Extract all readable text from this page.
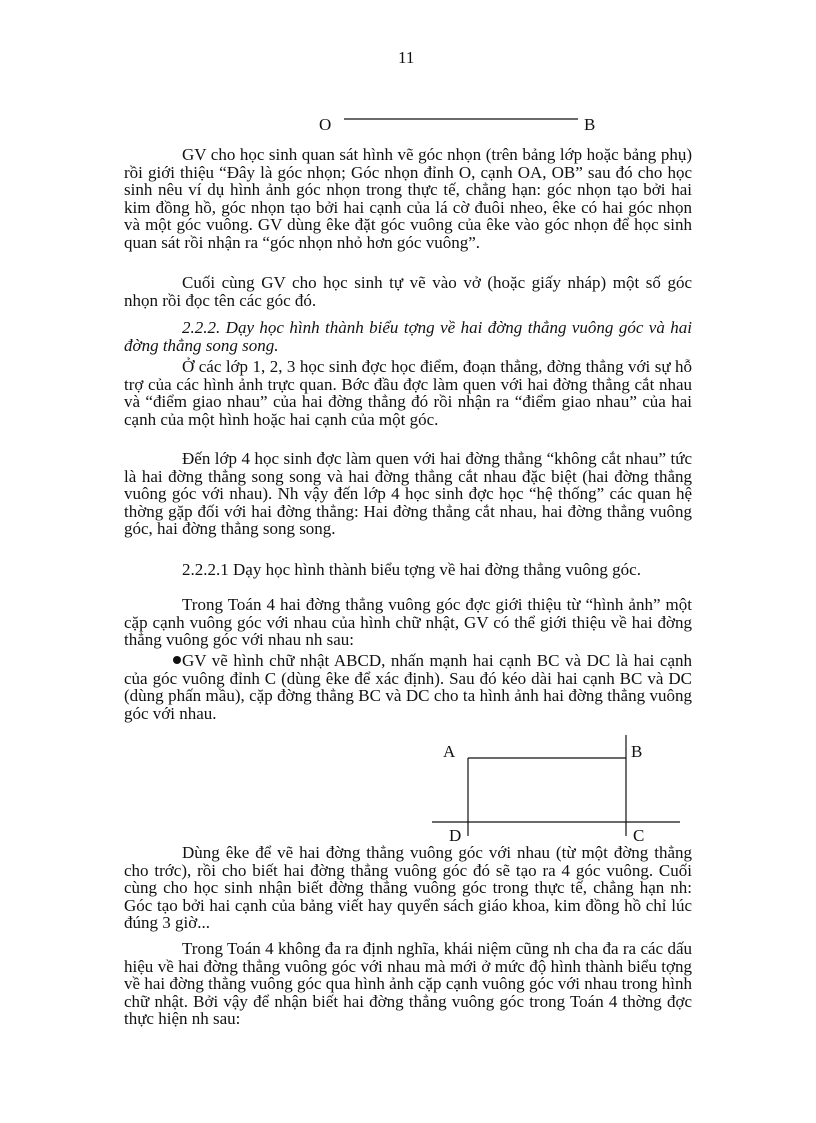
11
O	B

GV cho học sinh quan sát hình vẽ góc nhọn (trên bảng lớp hoặc bảng phụ) rồi giới thiệu “Đây là góc nhọn; Góc nhọn đỉnh O, cạnh OA, OB” sau đó cho học sinh nêu ví dụ hình ảnh góc nhọn trong thực tế, chẳng hạn: góc nhọn tạo bởi hai kim đồng hồ, góc nhọn tạo bởi hai cạnh của lá cờ đuôi nheo, êke có hai góc nhọn và một góc vuông. GV dùng êke đặt góc vuông của êke vào góc nhọn để học sinh quan sát rồi nhận ra “góc nhọn nhỏ hơn góc vuông”.

Cuối cùng GV cho học sinh tự vẽ vào vở (hoặc giấy nháp) một số góc nhọn rồi đọc tên các góc đó.

2.2.2. Dạy học hình thành biểu tợng về hai đờng thẳng vuông góc và hai đờng thẳng song song.

Ở các lớp 1, 2, 3 học sinh đợc học điểm, đoạn thẳng, đờng thẳng với sự hỗ trợ của các hình ảnh trực quan. Bớc đầu đợc làm quen với hai đờng thẳng cắt nhau và “điểm giao nhau” của hai đờng thẳng đó rồi nhận ra “điểm giao nhau” của hai cạnh của một hình hoặc hai cạnh của một góc.

Đến lớp 4 học sinh đợc làm quen với hai đờng thẳng “không cắt nhau” tức là hai đờng thẳng song song và hai đờng thẳng cắt nhau đặc biệt (hai đờng thẳng vuông góc với nhau). Nh vậy đến lớp 4 học sinh đợc học “hệ thống” các quan hệ thờng gặp đối với hai đờng thẳng: Hai đờng thẳng cắt nhau, hai đờng thẳng vuông góc, hai đờng thẳng song song.

2.2.2.1 Dạy học hình thành biểu tợng về hai đờng thẳng vuông góc.

Trong Toán 4 hai đờng thẳng vuông góc đợc giới thiệu từ “hình ảnh” một cặp cạnh vuông góc với nhau của hình chữ nhật, GV có thể giới thiệu về hai đờng thẳng vuông góc với nhau nh sau:

GV vẽ hình chữ nhật ABCD, nhấn mạnh hai cạnh BC và DC là hai cạnh của góc vuông đỉnh C (dùng êke để xác định). Sau đó kéo dài hai cạnh BC và DC (dùng phấn mầu), cặp đờng thẳng BC và DC cho ta hình ảnh hai đờng thẳng vuông góc với nhau.

A	B
D	C

Dùng êke để vẽ hai đờng thẳng vuông góc với nhau (từ một đờng thẳng cho trớc), rồi cho biết hai đờng thẳng vuông góc đó sẽ tạo ra 4 góc vuông. Cuối cùng cho học sinh nhận biết đờng thẳng vuông góc trong thực tế, chẳng hạn nh: Góc tạo bởi hai cạnh của bảng viết hay quyển sách giáo khoa, kim đồng hồ chỉ lúc đúng 3 giờ...

Trong Toán 4 không đa ra định nghĩa, khái niệm cũng nh cha đa ra các dấu hiệu về hai đờng thẳng vuông góc với nhau mà mới ở mức độ hình thành biểu tợng về hai đờng thẳng vuông góc qua hình ảnh cặp cạnh vuông góc với nhau trong hình chữ nhật. Bởi vậy để nhận biết hai đờng thẳng vuông góc trong Toán 4 thờng đợc thực hiện nh sau:
